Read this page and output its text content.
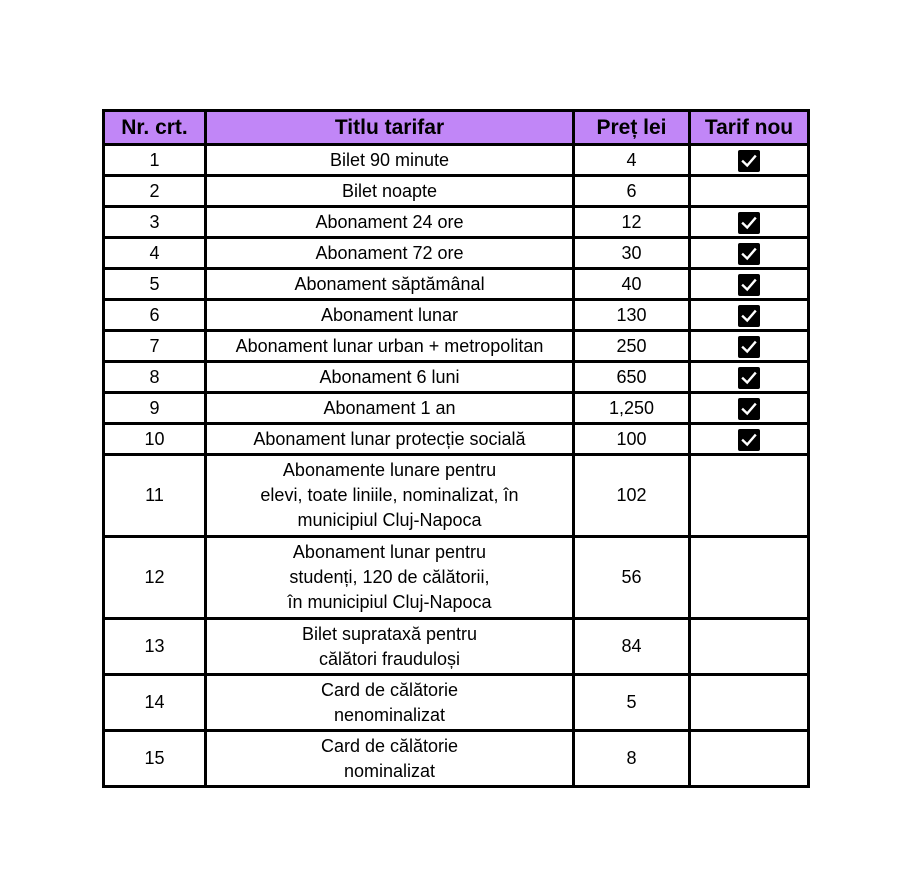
Nr. crt.	Titlu tarifar	Preț lei	Tarif nou
1	Bilet 90 minute	4	

2	Bilet noapte	6	
3	Abonament 24 ore	12	

4	Abonament 72 ore	30	

5	Abonament săptămânal	40	

6	Abonament lunar	130	

7	Abonament lunar urban + metropolitan	250	

8	Abonament 6 luni	650	

9	Abonament 1 an	1,250	

10	Abonament lunar protecție socială	100	

11	Abonamente lunare pentru
elevi, toate liniile, nominalizat, în
municipiul Cluj-Napoca	102	
12	Abonament lunar pentru
studenți, 120 de călătorii,
în municipiul Cluj-Napoca	56	
13	Bilet suprataxă pentru
călători frauduloși	84	
14	Card de călătorie
nenominalizat	5	
15	Card de călătorie
nominalizat	8	
